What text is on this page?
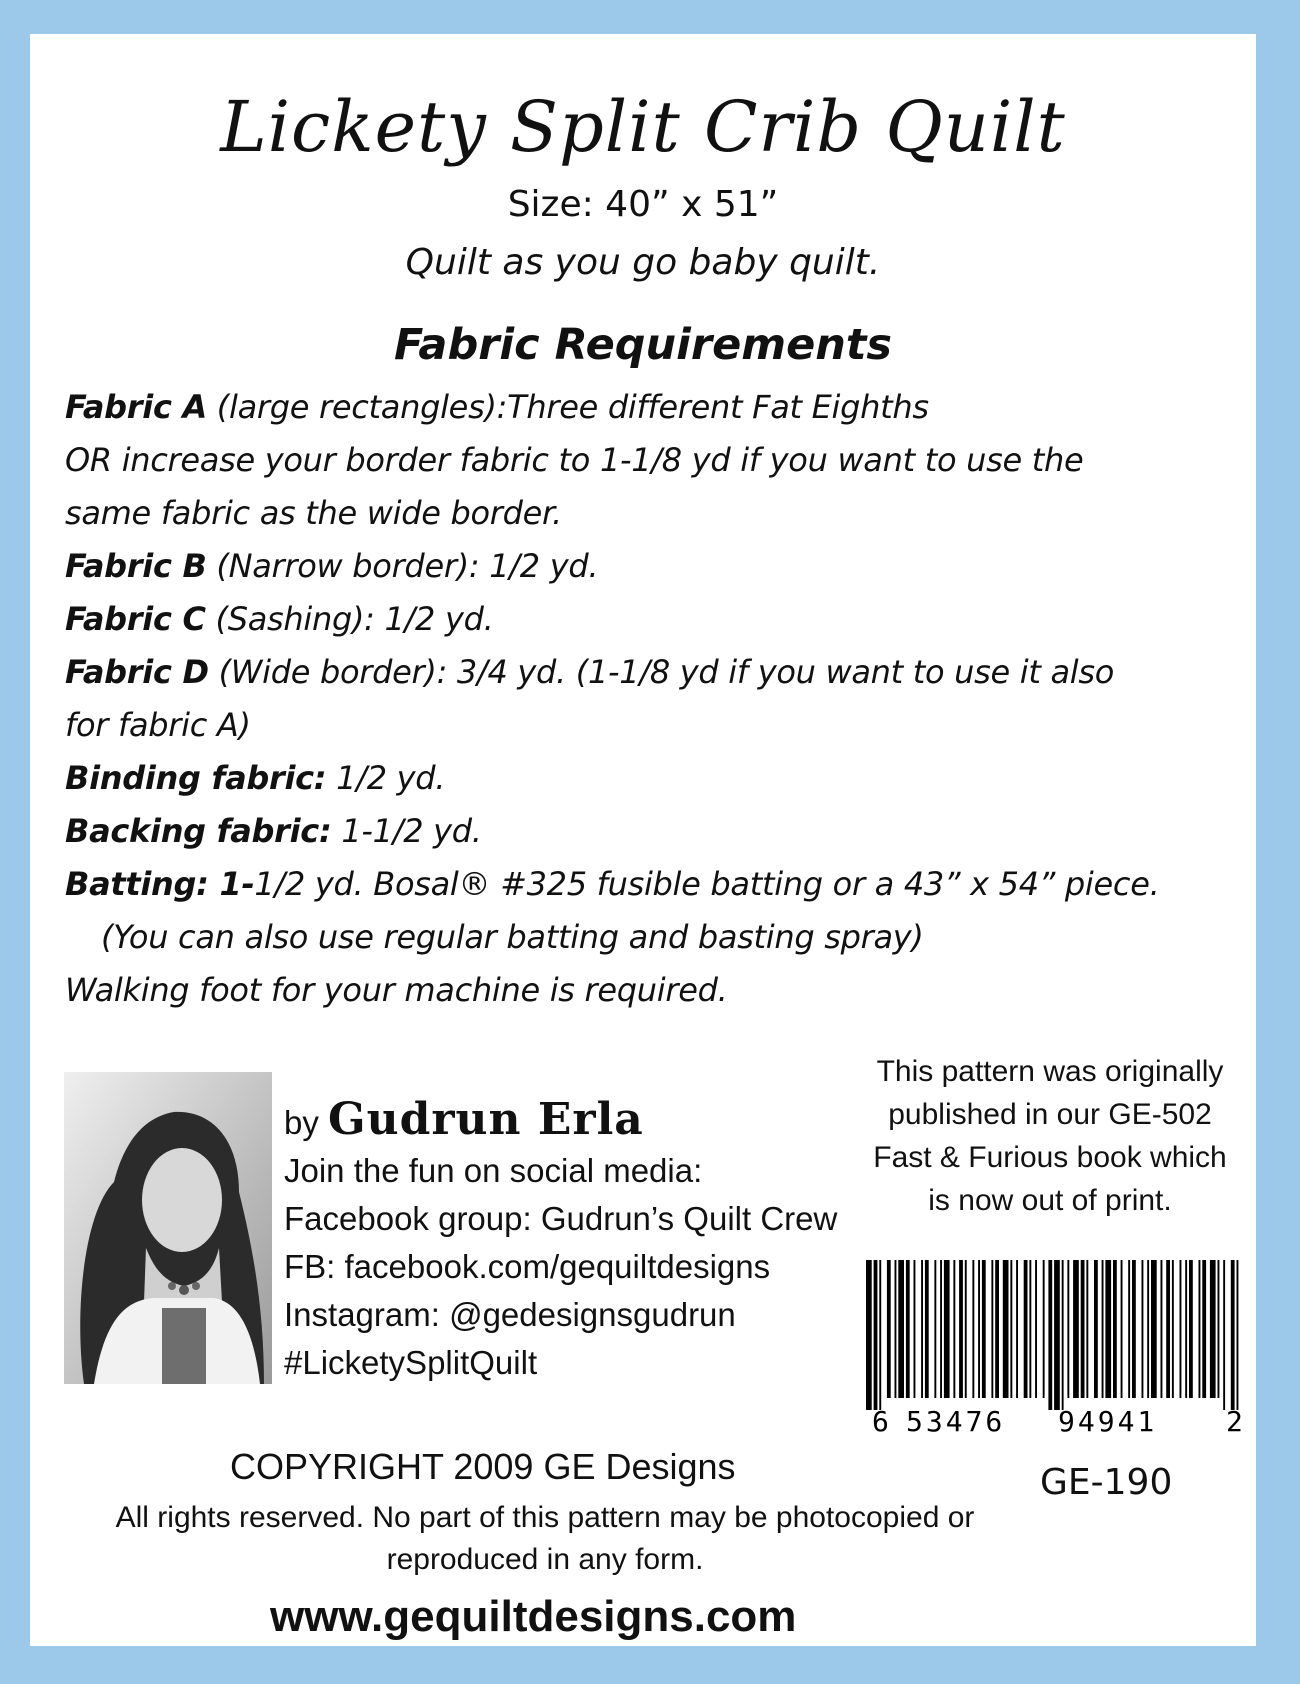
Lickety Split Crib Quilt
Size: 40” x 51”
Quilt as you go baby quilt.
Fabric Requirements
Fabric A (large rectangles):Three different Fat Eighths
OR increase your border fabric to 1-1/8 yd if you want to use the
same fabric as the wide border.
Fabric B (Narrow border): 1/2 yd.
Fabric C (Sashing): 1/2 yd.
Fabric D (Wide border): 3/4 yd. (1-1/8 yd if you want to use it also
for fabric A)
Binding fabric: 1/2 yd.
Backing fabric: 1-1/2 yd.
Batting: 1-1/2 yd. Bosal® #325 fusible batting or a 43” x 54” piece.
(You can also use regular batting and basting spray)
Walking foot for your machine is required.
by Gudrun Erla
Join the fun on social media:
Facebook group: Gudrun’s Quilt Crew
FB: facebook.com/gequiltdesigns
Instagram: @gedesignsgudrun
#LicketySplitQuilt
This pattern was originally
published in our GE-502
Fast & Furious book which
is now out of print.
6 53476 94941 2
GE-190
COPYRIGHT 2009 GE Designs
All rights reserved. No part of this pattern may be photocopied or
reproduced in any form.
www.gequiltdesigns.com
